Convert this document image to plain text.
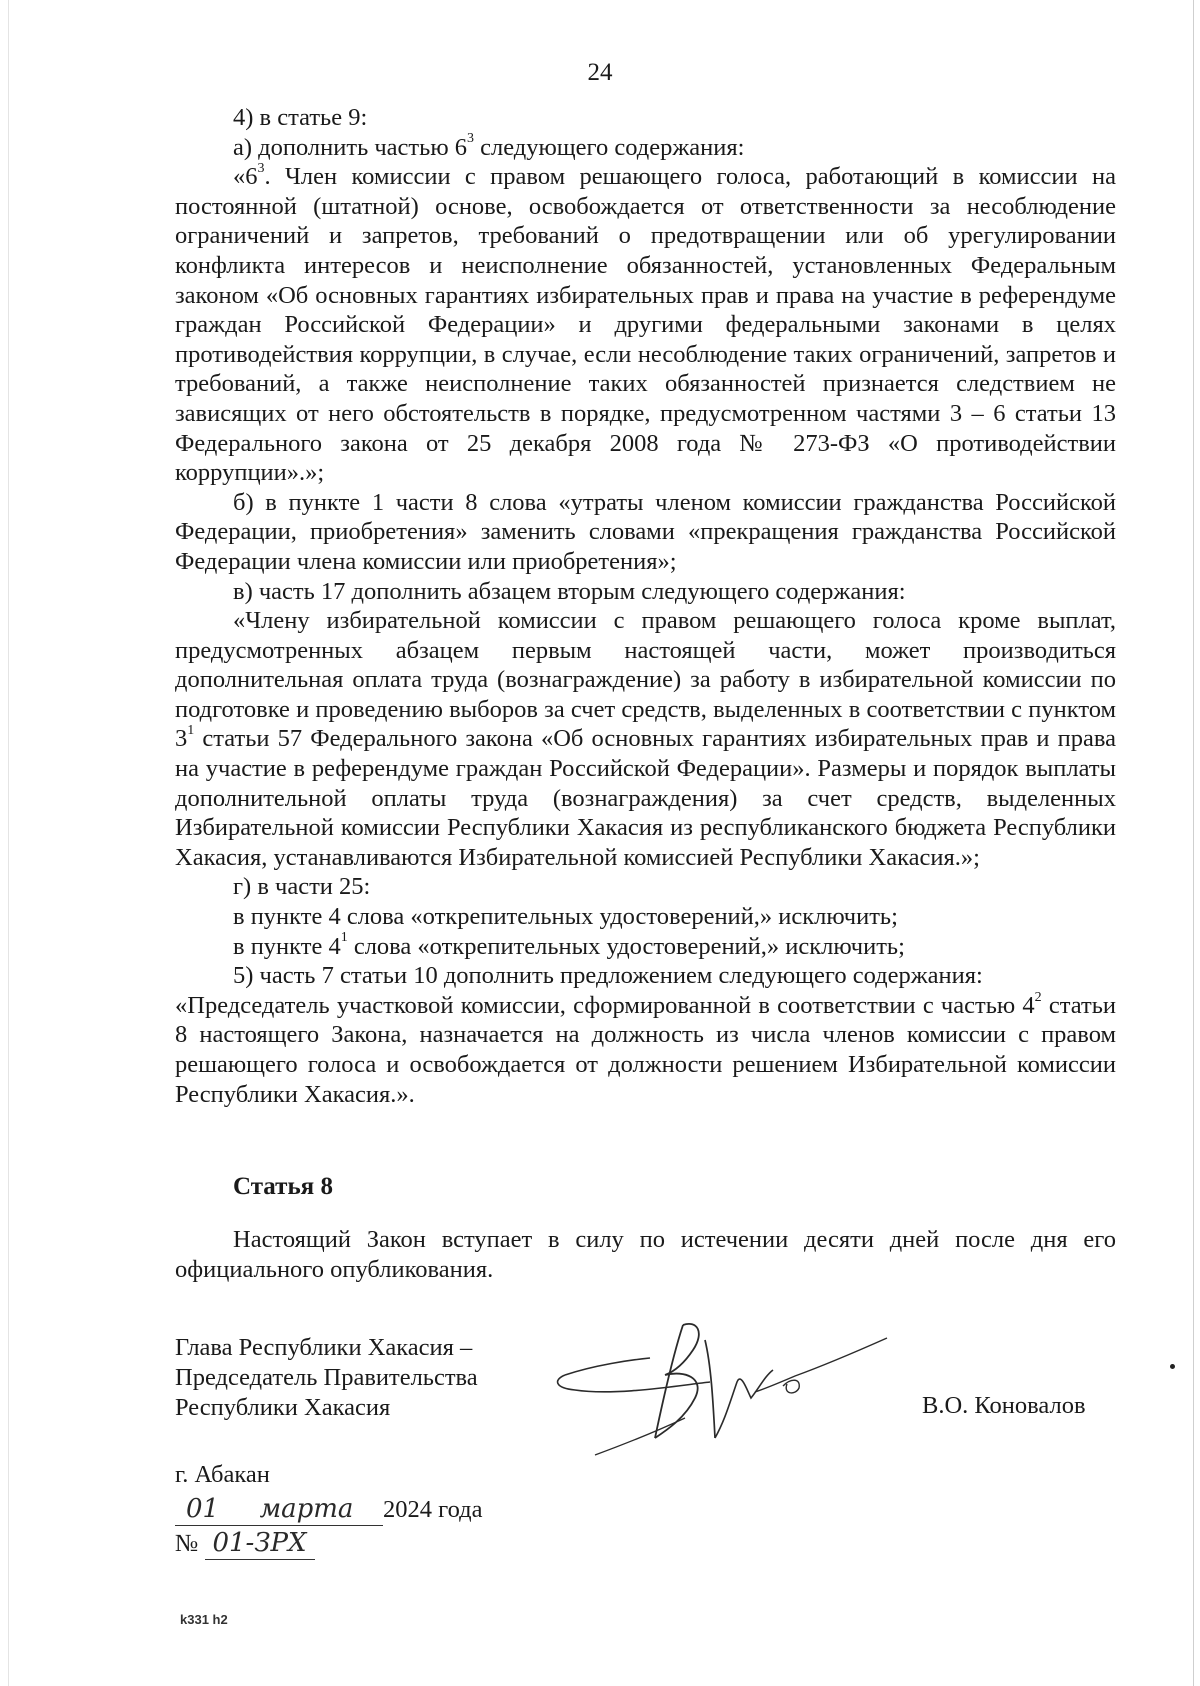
24

4) в статье 9:

а) дополнить частью $6^3$ следующего содержания:

«$6^3$. Член комиссии с правом решающего голоса, работающий в комиссии на постоянной (штатной) основе, освобождается от ответственности за несоблюдение ограничений и запретов, требований о предотвращении или об урегулировании конфликта интересов и неисполнение обязанностей, установленных Федеральным законом «Об основных гарантиях избирательных прав и права на участие в референдуме граждан Российской Федерации» и другими федеральными законами в целях противодействия коррупции, в случае, если несоблюдение таких ограничений, запретов и требований, а также неисполнение таких обязанностей признается следствием не зависящих от него обстоятельств в порядке, предусмотренном частями 3 – 6 статьи 13 Федерального закона от 25 декабря 2008 года № 273-ФЗ «О противодействии коррупции».»;

б) в пункте 1 части 8 слова «утраты членом комиссии гражданства Российской Федерации, приобретения» заменить словами «прекращения гражданства Российской Федерации члена комиссии или приобретения»;

в) часть 17 дополнить абзацем вторым следующего содержания:

«Члену избирательной комиссии с правом решающего голоса кроме выплат, предусмотренных абзацем первым настоящей части, может производиться дополнительная оплата труда (вознаграждение) за работу в избирательной комиссии по подготовке и проведению выборов за счет средств, выделенных в соответствии с пунктом $3^1$ статьи 57 Федерального закона «Об основных гарантиях избирательных прав и права на участие в референдуме граждан Российской Федерации». Размеры и порядок выплаты дополнительной оплаты труда (вознаграждения) за счет средств, выделенных Избирательной комиссии Республики Хакасия из республиканского бюджета Республики Хакасия, устанавливаются Избирательной комиссией Республики Хакасия.»;

г) в части 25:

в пункте 4 слова «открепительных удостоверений,» исключить;

в пункте $4^1$ слова «открепительных удостоверений,» исключить;

5) часть 7 статьи 10 дополнить предложением следующего содержания:

«Председатель участковой комиссии, сформированной в соответствии с частью $4^2$ статьи 8 настоящего Закона, назначается на должность из числа членов комиссии с правом решающего голоса и освобождается от должности решением Избирательной комиссии Республики Хакасия.».

Статья 8

Настоящий Закон вступает в силу по истечении десяти дней после дня его официального опубликования.

Глава Республики Хакасия –
Председатель Правительства
Республики Хакасия	В.О. Коновалов
г. Абакан
01 марта 2024 года
№ 01-ЗРХ
k331 h2
